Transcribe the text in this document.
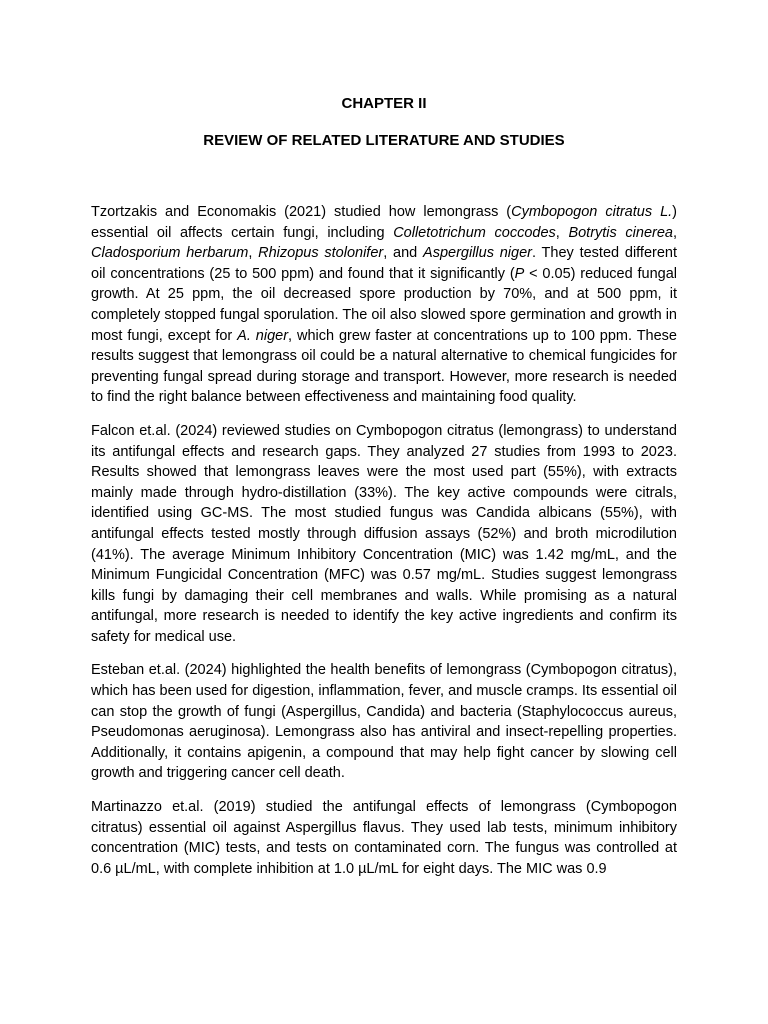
CHAPTER II
REVIEW OF RELATED LITERATURE AND STUDIES

Tzortzakis and Economakis (2021) studied how lemongrass (Cymbopogon citratus L.) essential oil affects certain fungi, including Colletotrichum coccodes, Botrytis cinerea, Cladosporium herbarum, Rhizopus stolonifer, and Aspergillus niger. They tested different oil concentrations (25 to 500 ppm) and found that it significantly (P < 0.05) reduced fungal growth. At 25 ppm, the oil decreased spore production by 70%, and at 500 ppm, it completely stopped fungal sporulation. The oil also slowed spore germination and growth in most fungi, except for A. niger, which grew faster at concentrations up to 100 ppm. These results suggest that lemongrass oil could be a natural alternative to chemical fungicides for preventing fungal spread during storage and transport. However, more research is needed to find the right balance between effectiveness and maintaining food quality.

Falcon et.al. (2024) reviewed studies on Cymbopogon citratus (lemongrass) to understand its antifungal effects and research gaps. They analyzed 27 studies from 1993 to 2023. Results showed that lemongrass leaves were the most used part (55%), with extracts mainly made through hydro-distillation (33%). The key active compounds were citrals, identified using GC-MS. The most studied fungus was Candida albicans (55%), with antifungal effects tested mostly through diffusion assays (52%) and broth microdilution (41%). The average Minimum Inhibitory Concentration (MIC) was 1.42 mg/mL, and the Minimum Fungicidal Concentration (MFC) was 0.57 mg/mL. Studies suggest lemongrass kills fungi by damaging their cell membranes and walls. While promising as a natural antifungal, more research is needed to identify the key active ingredients and confirm its safety for medical use.

Esteban et.al. (2024) highlighted the health benefits of lemongrass (Cymbopogon citratus), which has been used for digestion, inflammation, fever, and muscle cramps. Its essential oil can stop the growth of fungi (Aspergillus, Candida) and bacteria (Staphylococcus aureus, Pseudomonas aeruginosa). Lemongrass also has antiviral and insect-repelling properties. Additionally, it contains apigenin, a compound that may help fight cancer by slowing cell growth and triggering cancer cell death.

Martinazzo et.al. (2019) studied the antifungal effects of lemongrass (Cymbopogon citratus) essential oil against Aspergillus flavus. They used lab tests, minimum inhibitory concentration (MIC) tests, and tests on contaminated corn. The fungus was controlled at 0.6 µL/mL, with complete inhibition at 1.0 µL/mL for eight days. The MIC was 0.9
